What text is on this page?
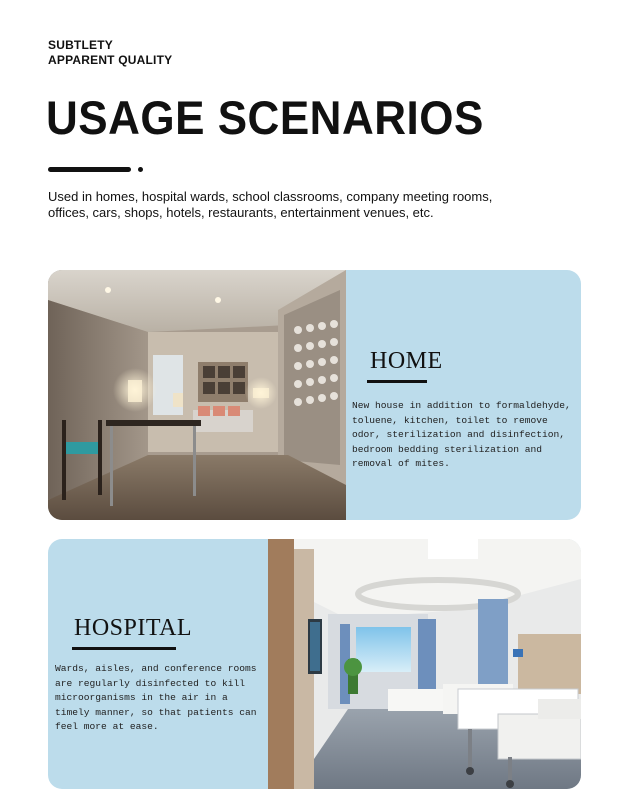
SUBTLETY
APPARENT QUALITY
USAGE SCENARIOS
Used in homes, hospital wards, school classrooms, company meeting rooms, offices, cars, shops, hotels, restaurants, entertainment venues, etc.
HOME
New house in addition to formaldehyde, toluene, kitchen, toilet to remove odor, sterilization and disinfection, bedroom bedding sterilization and removal of mites.
HOSPITAL
Wards, aisles, and conference rooms are regularly disinfected to kill microorganisms in the air in a timely manner, so that patients can feel more at ease.
